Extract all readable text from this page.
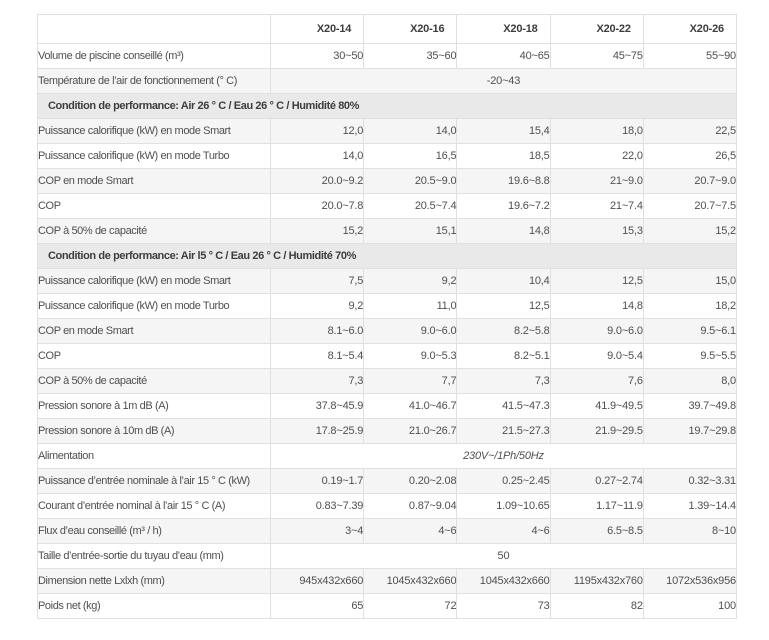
	X20-14	X20-16	X20-18	X20-22	X20-26
Volume de piscine conseillé (m³)	30~50	35~60	40~65	45~75	55~90
Température de l’air de fonctionnement (° C)	-20~43				
Condition de performance: Air 26 ° C / Eau 26 ° C / Humidité 80%					
Puissance calorifique (kW) en mode Smart	12,0	14,0	15,4	18,0	22,5
Puissance calorifique (kW) en mode Turbo	14,0	16,5	18,5	22,0	26,5
COP en mode Smart	20.0~9.2	20.5~9.0	19.6~8.8	21~9.0	20.7~9.0
COP	20.0~7.8	20.5~7.4	19.6~7.2	21~7.4	20.7~7.5
COP à 50% de capacité	15,2	15,1	14,8	15,3	15,2
Condition de performance: Air l5 ° C / Eau 26 ° C / Humidité 70%					
Puissance calorifique (kW) en mode Smart	7,5	9,2	10,4	12,5	15,0
Puissance calorifique (kW) en mode Turbo	9,2	11,0	12,5	14,8	18,2
COP en mode Smart	8.1~6.0	9.0~6.0	8.2~5.8	9.0~6.0	9.5~6.1
COP	8.1~5.4	9.0~5.3	8.2~5.1	9.0~5.4	9.5~5.5
COP à 50% de capacité	7,3	7,7	7,3	7,6	8,0
Pression sonore à 1m dB (A)	37.8~45.9	41.0~46.7	41.5~47.3	41.9~49.5	39.7~49.8
Pression sonore à 10m dB (A)	17.8~25.9	21.0~26.7	21.5~27.3	21.9~29.5	19.7~29.8
Alimentation	230V~/1Ph/50Hz				
Puissance d’entrée nominale à l’air 15 ° C (kW)	0.19~1.7	0.20~2.08	0.25~2.45	0.27~2.74	0.32~3.31
Courant d’entrée nominal à l’air 15 ° C (A)	0.83~7.39	0.87~9.04	1.09~10.65	1.17~11.9	1.39~14.4
Flux d’eau conseillé (m³ / h)	3~4	4~6	4~6	6.5~8.5	8~10
Taille d’entrée-sortie du tuyau d’eau (mm)	50				
Dimension nette Lxlxh (mm)	945x432x660	1045x432x660	1045x432x660	1195x432x760	1072x536x956
Poids net (kg)	65	72	73	82	100
